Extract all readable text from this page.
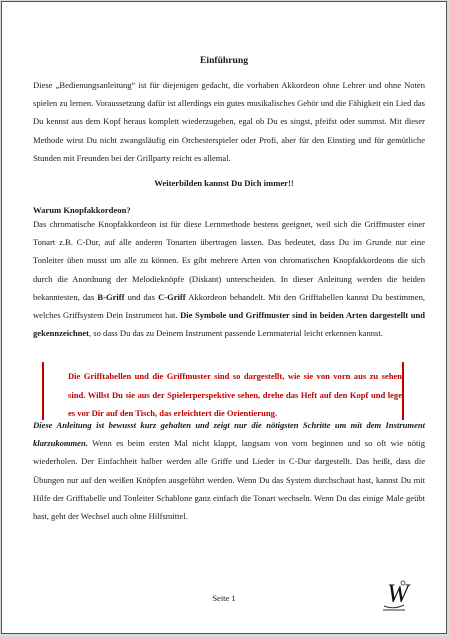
Einführung

Diese „Bedienungsanleitung“ ist für diejenigen gedacht, die vorhaben Akkordeon ohne Lehrer und ohne Noten spielen zu lernen. Voraussetzung dafür ist allerdings ein gutes musikalisches Gehör und die Fähigkeit ein Lied das Du kennst aus dem Kopf heraus komplett wiederzugeben, egal ob Du es singst, pfeifst oder summst. Mit dieser Methode wirst Du nicht zwangsläufig ein Orchesterspieler oder Profi, aber für den Einstieg und für gemütliche Stunden mit Freunden bei der Grillparty reicht es allemal.

Weiterbilden kannst Du Dich immer!!
Warum Knopfakkordeon?

Das chromatische Knopfakkordeon ist für diese Lernmethode bestens geeignet, weil sich die Griffmuster einer Tonart z.B. C-Dur, auf alle anderen Tonarten übertragen lassen. Das bedeutet, dass Du im Grunde nur eine Tonleiter üben musst um alle zu können. Es gibt mehrere Arten von chromatischen Knopfakkordeons die sich durch die Anordnung der Melodieknöpfe (Diskant) unterscheiden. In dieser Anleitung werden die beiden bekanntesten, das B-Griff und das C-Griff Akkordeon behandelt. Mit den Grifftabellen kannst Du bestimmen, welches Griffsystem Dein Instrument hat. Die Symbole und Griffmuster sind in beiden Arten dargestellt und gekennzeichnet, so dass Du das zu Deinem Instrument passende Lernmaterial leicht erkennen kannst.

Die Grifftabellen und die Griffmuster sind so dargestellt, wie sie von vorn aus zu sehen sind. Willst Du sie aus der Spielerperspektive sehen, drehe das Heft auf den Kopf und lege es vor Dir auf den Tisch, das erleichtert die Orientierung.

Diese Anleitung ist bewusst kurz gehalten und zeigt nur die nötigsten Schritte um mit dem Instrument klarzukommen. Wenn es beim ersten Mal nicht klappt, langsam von vorn beginnen und so oft wie nötig wiederholen. Der Einfachheit halber werden alle Griffe und Lieder in C-Dur dargestellt. Das heißt, dass die Übungen nur auf den weißen Knöpfen ausgeführt werden. Wenn Du das System durchschaut hast, kannst Du mit Hilfe der Grifftabelle und Tonleiter Schablone ganz einfach die Tonart wechseln. Wenn Du das einige Male geübt hast, geht der Wechsel auch ohne Hilfsmittel.

Seite 1	W
